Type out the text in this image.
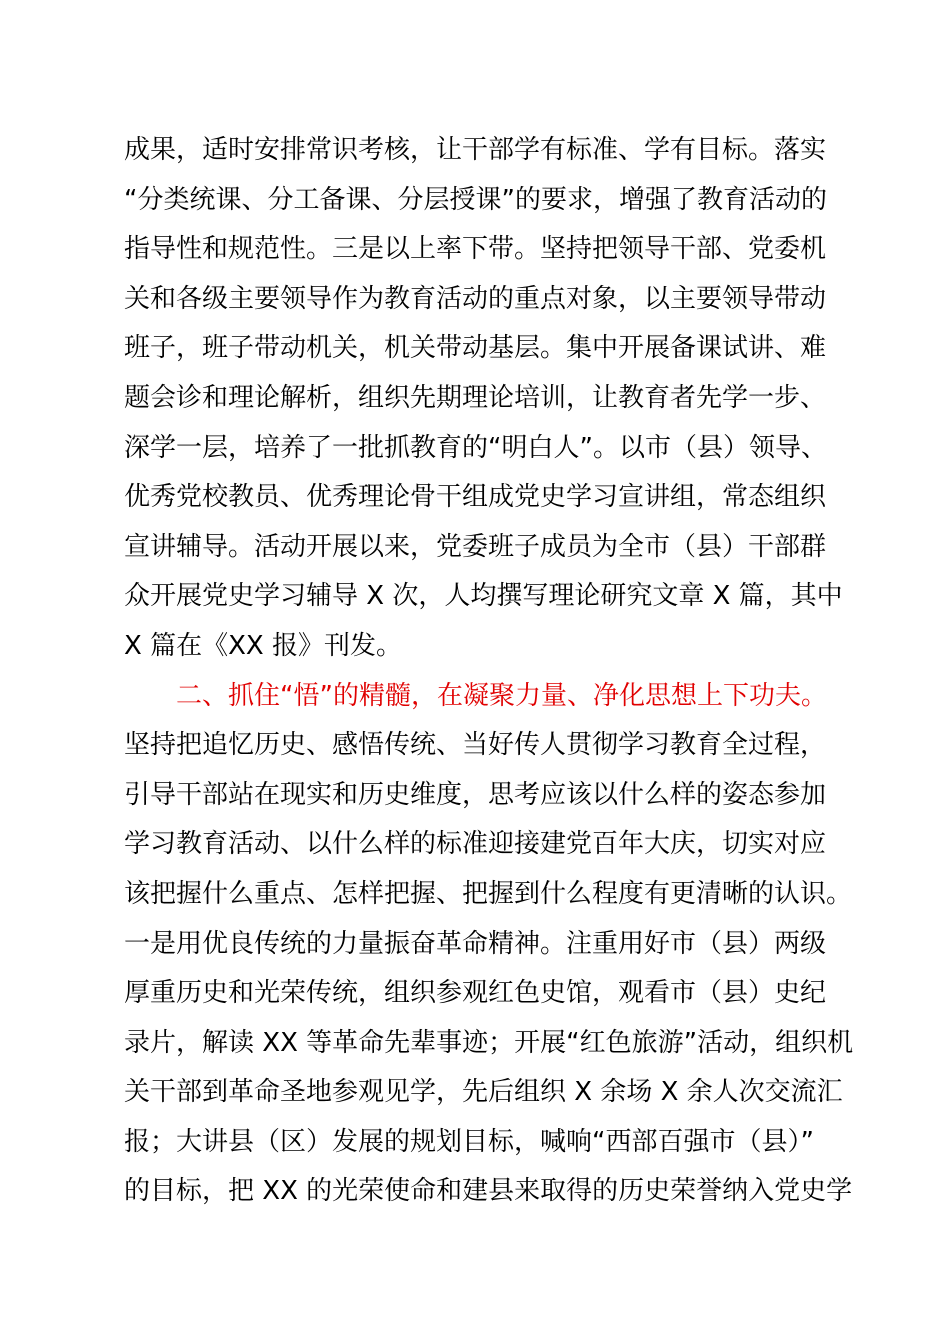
成果，适时安排常识考核，让干部学有标准、学有目标。落实
“分类统课、分工备课、分层授课”的要求，增强了教育活动的
指导性和规范性。三是以上率下带。坚持把领导干部、党委机
关和各级主要领导作为教育活动的重点对象，以主要领导带动
班子，班子带动机关，机关带动基层。集中开展备课试讲、难
题会诊和理论解析，组织先期理论培训，让教育者先学一步、
深学一层，培养了一批抓教育的“明白人”。以市（县）领导、
优秀党校教员、优秀理论骨干组成党史学习宣讲组，常态组织
宣讲辅导。活动开展以来，党委班子成员为全市（县）干部群
众开展党史学习辅导 X 次，人均撰写理论研究文章 X 篇，其中
X 篇在《XX 报》刊发。
二、抓住“悟”的精髓，在凝聚力量、净化思想上下功夫。
坚持把追忆历史、感悟传统、当好传人贯彻学习教育全过程，
引导干部站在现实和历史维度，思考应该以什么样的姿态参加
学习教育活动、以什么样的标准迎接建党百年大庆，切实对应
该把握什么重点、怎样把握、把握到什么程度有更清晰的认识。
一是用优良传统的力量振奋革命精神。注重用好市（县）两级
厚重历史和光荣传统，组织参观红色史馆，观看市（县）史纪
录片，解读 XX 等革命先辈事迹；开展“红色旅游”活动，组织机
关干部到革命圣地参观见学，先后组织 X 余场 X 余人次交流汇
报；大讲县（区）发展的规划目标，喊响“西部百强市（县）”
的目标，把 XX 的光荣使命和建县来取得的历史荣誉纳入党史学
